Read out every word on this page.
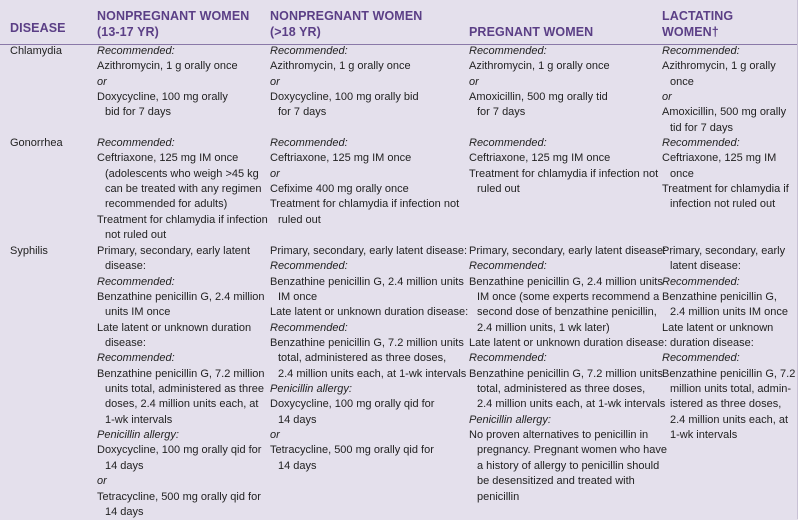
DISEASE
NONPREGNANT WOMEN
(13-17 YR)
NONPREGNANT WOMEN
(>18 YR)	PREGNANT WOMEN
LACTATING
WOMEN†
Chlamydia
Gonorrhea
Syphilis
Recommended:
Azithromycin, 1 g orally once
or
Doxycycline, 100 mg orally
bid for 7 days
Recommended:
Azithromycin, 1 g orally once
or
Doxycycline, 100 mg orally bid
for 7 days
Recommended:
Azithromycin, 1 g orally once
or
Amoxicillin, 500 mg orally tid
for 7 days
Recommended:
Azithromycin, 1 g orally
once
or
Amoxicillin, 500 mg orally
tid for 7 days
Recommended:
Ceftriaxone, 125 mg IM once
(adolescents who weigh >45 kg
can be treated with any regimen
recommended for adults)
Treatment for chlamydia if infection
not ruled out
Recommended:
Ceftriaxone, 125 mg IM once
or
Cefixime 400 mg orally once
Treatment for chlamydia if infection not
ruled out
Recommended:
Ceftriaxone, 125 mg IM once
Treatment for chlamydia if infection not
ruled out
Recommended:
Ceftriaxone, 125 mg IM
once
Treatment for chlamydia if
infection not ruled out
Primary, secondary, early latent
disease:
Recommended:
Benzathine penicillin G, 2.4 million
units IM once
Late latent or unknown duration
disease:
Recommended:
Benzathine penicillin G, 7.2 million
units total, administered as three
doses, 2.4 million units each, at
1-wk intervals
Penicillin allergy:
Doxycycline, 100 mg orally qid for
14 days
or
Tetracycline, 500 mg orally qid for
14 days
Primary, secondary, early latent disease:
Recommended:
Benzathine penicillin G, 2.4 million units
IM once
Late latent or unknown duration disease:
Recommended:
Benzathine penicillin G, 7.2 million units
total, administered as three doses,
2.4 million units each, at 1-wk intervals
Penicillin allergy:
Doxycycline, 100 mg orally qid for
14 days
or
Tetracycline, 500 mg orally qid for
14 days
Primary, secondary, early latent disease:
Recommended:
Benzathine penicillin G, 2.4 million units
IM once (some experts recommend a
second dose of benzathine penicillin,
2.4 million units, 1 wk later)
Late latent or unknown duration disease:
Recommended:
Benzathine penicillin G, 7.2 million units
total, administered as three doses,
2.4 million units each, at 1-wk intervals
Penicillin allergy:
No proven alternatives to penicillin in
pregnancy. Pregnant women who have
a history of allergy to penicillin should
be desensitized and treated with
penicillin
Primary, secondary, early
latent disease:
Recommended:
Benzathine penicillin G,
2.4 million units IM once
Late latent or unknown
duration disease:
Recommended:
Benzathine penicillin G, 7.2
million units total, admin-
istered as three doses,
2.4 million units each, at
1-wk intervals
